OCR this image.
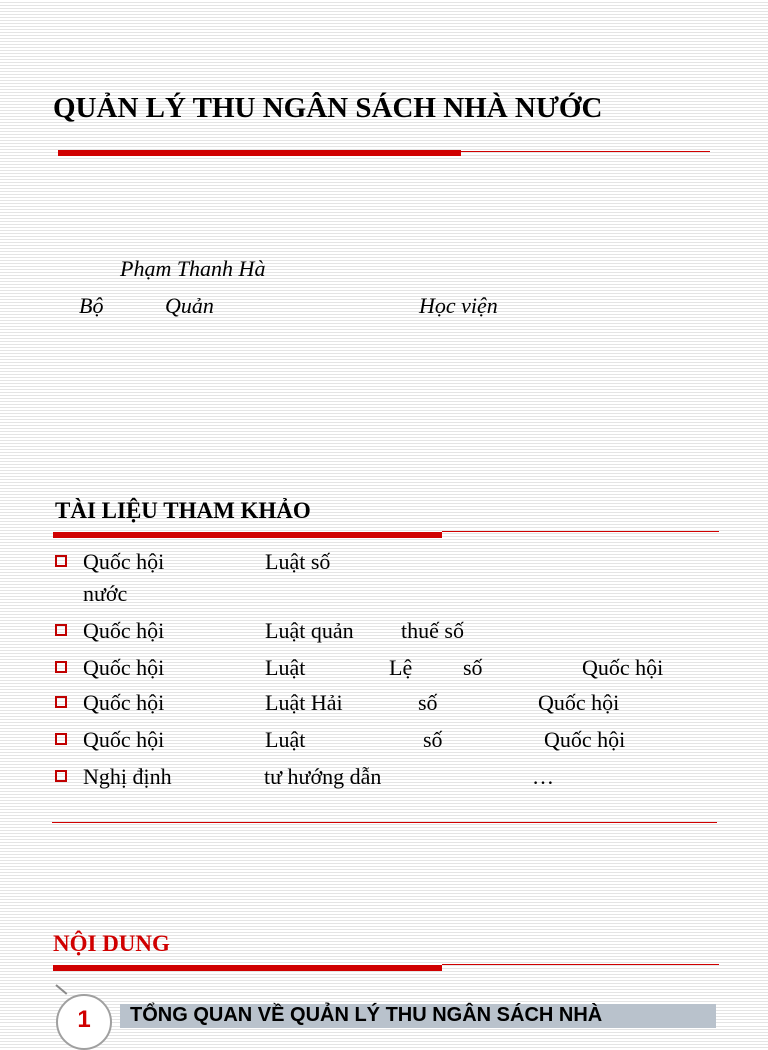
QUẢN LÝ THU NGÂN SÁCH NHÀ NƯỚC
Phạm Thanh Hà
Bộ	Quản	Học viện
TÀI LIỆU THAM KHẢO
Quốc hội	Luật số
nước
Quốc hội	Luật quản thuế số
Quốc hội	Luật	Lệ số	Quốc hội
Quốc hội	Luật Hải	số	Quốc hội
Quốc hội	Luật	số	Quốc hội
Nghị định	tư hướng dẫn	…
NỘI DUNG
TỔNG QUAN VỀ QUẢN LÝ THU NGÂN SÁCH NHÀ
1
